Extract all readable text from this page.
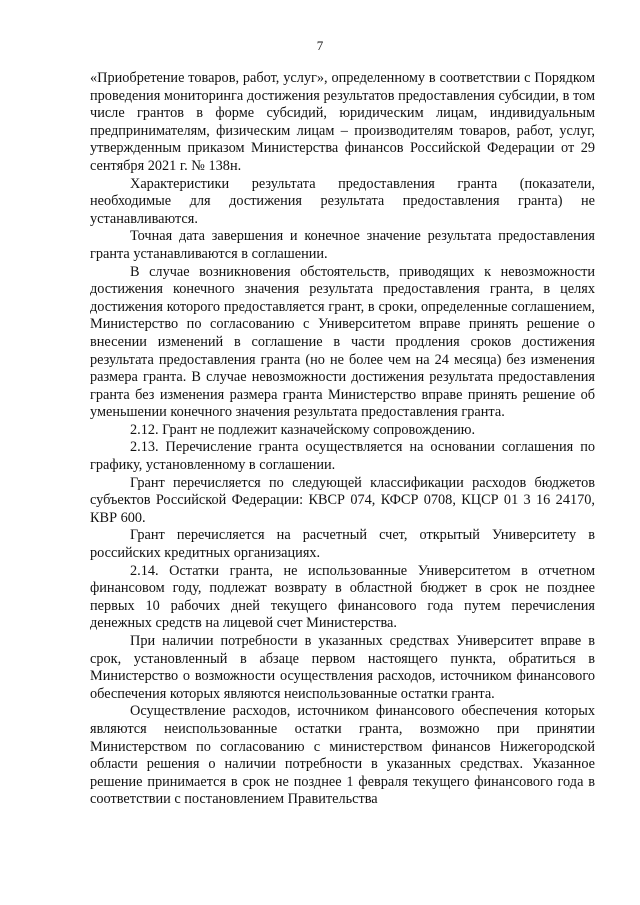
7

«Приобретение товаров, работ, услуг», определенному в соответствии с Порядком проведения мониторинга достижения результатов предоставления субсидии, в том числе грантов в форме субсидий, юридическим лицам, индивидуальным предпринимателям, физическим лицам – производителям товаров, работ, услуг, утвержденным приказом Министерства финансов Российской Федерации от 29 сентября 2021 г. № 138н.

Характеристики результата предоставления гранта (показатели, необходимые для достижения результата предоставления гранта) не устанавливаются.

Точная дата завершения и конечное значение результата предоставления гранта устанавливаются в соглашении.

В случае возникновения обстоятельств, приводящих к невозможности достижения конечного значения результата предоставления гранта, в целях достижения которого предоставляется грант, в сроки, определенные соглашением, Министерство по согласованию с Университетом вправе принять решение о внесении изменений в соглашение в части продления сроков достижения результата предоставления гранта (но не более чем на 24 месяца) без изменения размера гранта. В случае невозможности достижения результата предоставления гранта без изменения размера гранта Министерство вправе принять решение об уменьшении конечного значения результата предоставления гранта.

2.12. Грант не подлежит казначейскому сопровождению.

2.13. Перечисление гранта осуществляется на основании соглашения по графику, установленному в соглашении.

Грант перечисляется по следующей классификации расходов бюджетов субъектов Российской Федерации: КВСР 074, КФСР 0708, КЦСР 01 3 16 24170, КВР 600.

Грант перечисляется на расчетный счет, открытый Университету в российских кредитных организациях.

2.14. Остатки гранта, не использованные Университетом в отчетном финансовом году, подлежат возврату в областной бюджет в срок не позднее первых 10 рабочих дней текущего финансового года путем перечисления денежных средств на лицевой счет Министерства.

При наличии потребности в указанных средствах Университет вправе в срок, установленный в абзаце первом настоящего пункта, обратиться в Министерство о возможности осуществления расходов, источником финансового обеспечения которых являются неиспользованные остатки гранта.

Осуществление расходов, источником финансового обеспечения которых являются неиспользованные остатки гранта, возможно при принятии Министерством по согласованию с министерством финансов Нижегородской области решения о наличии потребности в указанных средствах. Указанное решение принимается в срок не позднее 1 февраля текущего финансового года в соответствии с постановлением Правительства
